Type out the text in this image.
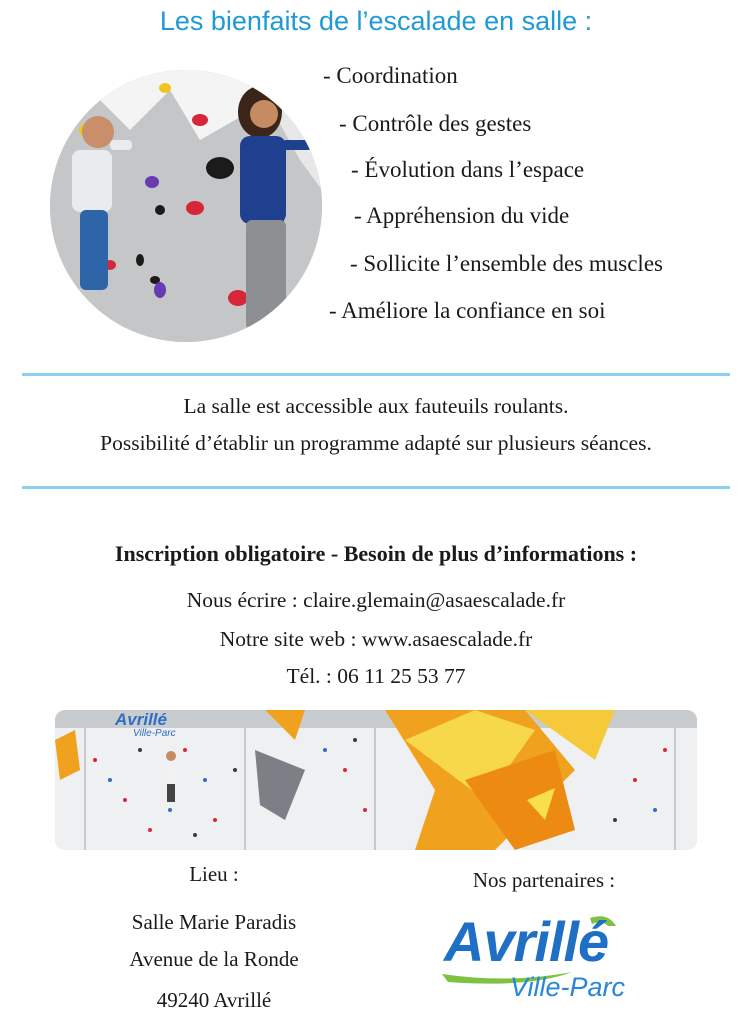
Les bienfaits de l’escalade en salle :
- Coordination
- Contrôle des gestes
- Évolution dans l’espace
- Appréhension du vide
- Sollicite l’ensemble des muscles
- Améliore la confiance en soi
La salle est accessible aux fauteuils roulants.
Possibilité d’établir un programme adapté sur plusieurs séances.
Inscription obligatoire - Besoin de plus d’informations :
Nous écrire : claire.glemain@asaescalade.fr
Notre site web : www.asaescalade.fr
Tél. : 06 11 25 53 77
Avrillé
Ville-Parc
Lieu :
Salle Marie Paradis
Avenue de la Ronde
49240 Avrillé
Nos partenaires :
Avrillé
Ville-Parc
